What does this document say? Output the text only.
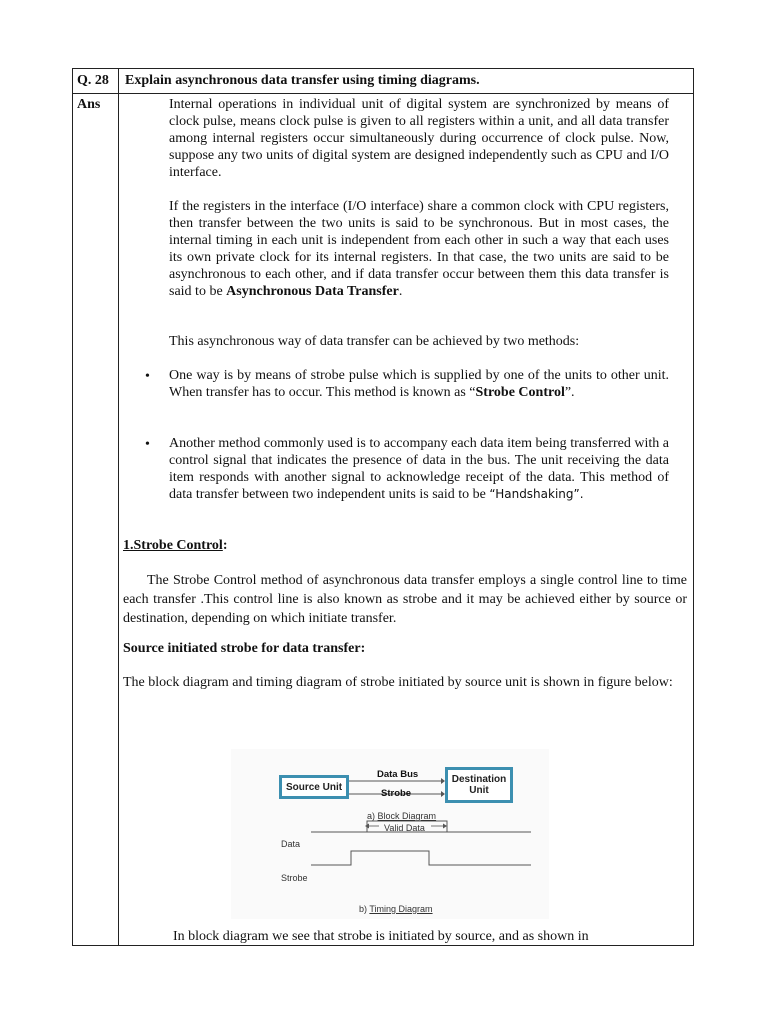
Q. 28 Explain asynchronous data transfer using timing diagrams.
Ans	Internal operations in individual unit of digital system are synchronized by means of clock pulse, means clock pulse is given to all registers within a unit, and all data transfer among internal registers occur simultaneously during occurrence of clock pulse. Now, suppose any two units of digital system are designed independently such as CPU and I/O interface.

If the registers in the interface (I/O interface) share a common clock with CPU registers, then transfer between the two units is said to be synchronous. But in most cases, the internal timing in each unit is independent from each other in such a way that each uses its own private clock for its internal registers. In that case, the two units are said to be asynchronous to each other, and if data transfer occur between them this data transfer is said to be Asynchronous Data Transfer.

This asynchronous way of data transfer can be achieved by two methods:

• One way is by means of strobe pulse which is supplied by one of the units to other unit. When transfer has to occur. This method is known as “Strobe Control”.

• Another method commonly used is to accompany each data item being transferred with a control signal that indicates the presence of data in the bus. The unit receiving the data item responds with another signal to acknowledge receipt of the data. This method of data transfer between two independent units is said to be “Handshaking”.

1.Strobe Control:

The Strobe Control method of asynchronous data transfer employs a single control line to time each transfer .This control line is also known as strobe and it may be achieved either by source or destination, depending on which initiate transfer.

Source initiated strobe for data transfer:

The block diagram and timing diagram of strobe initiated by source unit is shown in figure below:

Source Unit
Destination Unit
Data Bus
Strobe
a) Block Diagram
Data
Valid Data
Strobe
b) Timing Diagram

In block diagram we see that strobe is initiated by source, and as shown in
